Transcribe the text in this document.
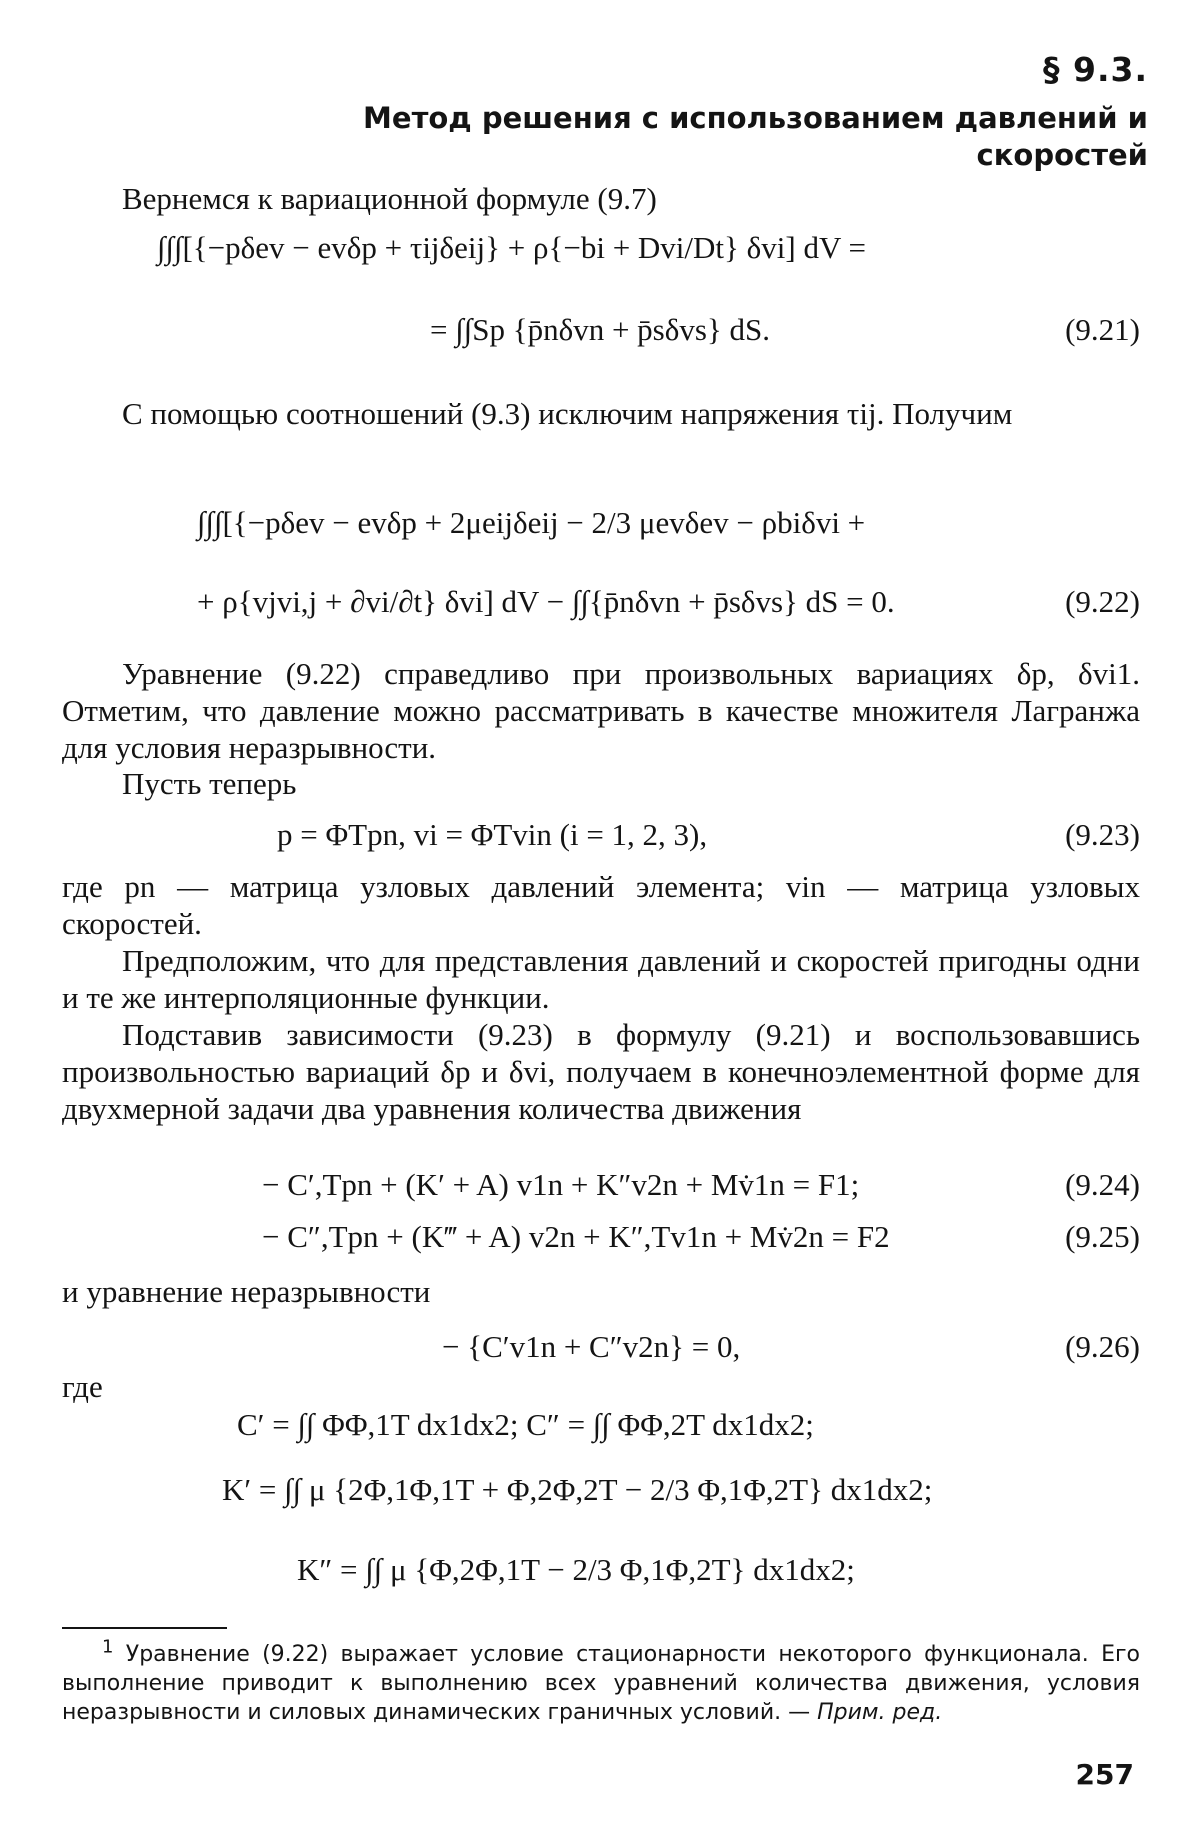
§ 9.3.
Метод решения с использованием давлений и скоростей
Вернемся к вариационной формуле (9.7)
∫∫∫[{−pδev − evδp + τijδeij} + ρ{−bi + Dvi/Dt} δvi] dV =
= ∫∫Sp {p̄nδvn + p̄sδvs} dS.	(9.21)
С помощью соотношений (9.3) исключим напряжения τij. Получим
∫∫∫[{−pδev − evδp + 2μeijδeij − 2/3 μevδev − ρbiδvi +
+ ρ{vjvi,j + ∂vi/∂t} δvi] dV − ∫∫{p̄nδvn + p̄sδvs} dS = 0.	(9.22)
Уравнение (9.22) справедливо при произвольных вариациях δp, δvi1. Отметим, что давление можно рассматривать в качестве множителя Лагранжа для условия неразрывности.
Пусть теперь
p = ΦTpn, vi = ΦTvin (i = 1, 2, 3),	(9.23)
где pn — матрица узловых давлений элемента; vin — матрица узловых скоростей.
Предположим, что для представления давлений и скоростей пригодны одни и те же интерполяционные функции.
Подставив зависимости (9.23) в формулу (9.21) и воспользовавшись произвольностью вариаций δp и δvi, получаем в конечноэлементной форме для двухмерной задачи два уравнения количества движения
− C′,Tpn + (K′ + A) v1n + K″v2n + Mv̇1n = F1;	(9.24)
− C″,Tpn + (K‴ + A) v2n + K″,Tv1n + Mv̇2n = F2	(9.25)
и уравнение неразрывности
− {C′v1n + C″v2n} = 0,	(9.26)
где
C′ = ∫∫ ΦΦ,1T dx1dx2; C″ = ∫∫ ΦΦ,2T dx1dx2;
K′ = ∫∫ μ {2Φ,1Φ,1T + Φ,2Φ,2T − 2/3 Φ,1Φ,2T} dx1dx2;
K″ = ∫∫ μ {Φ,2Φ,1T − 2/3 Φ,1Φ,2T} dx1dx2;
$^1$ Уравнение (9.22) выражает условие стационарности некоторого функционала. Его выполнение приводит к выполнению всех уравнений количества движения, условия неразрывности и силовых динамических граничных условий. — Прим. ред.
257
